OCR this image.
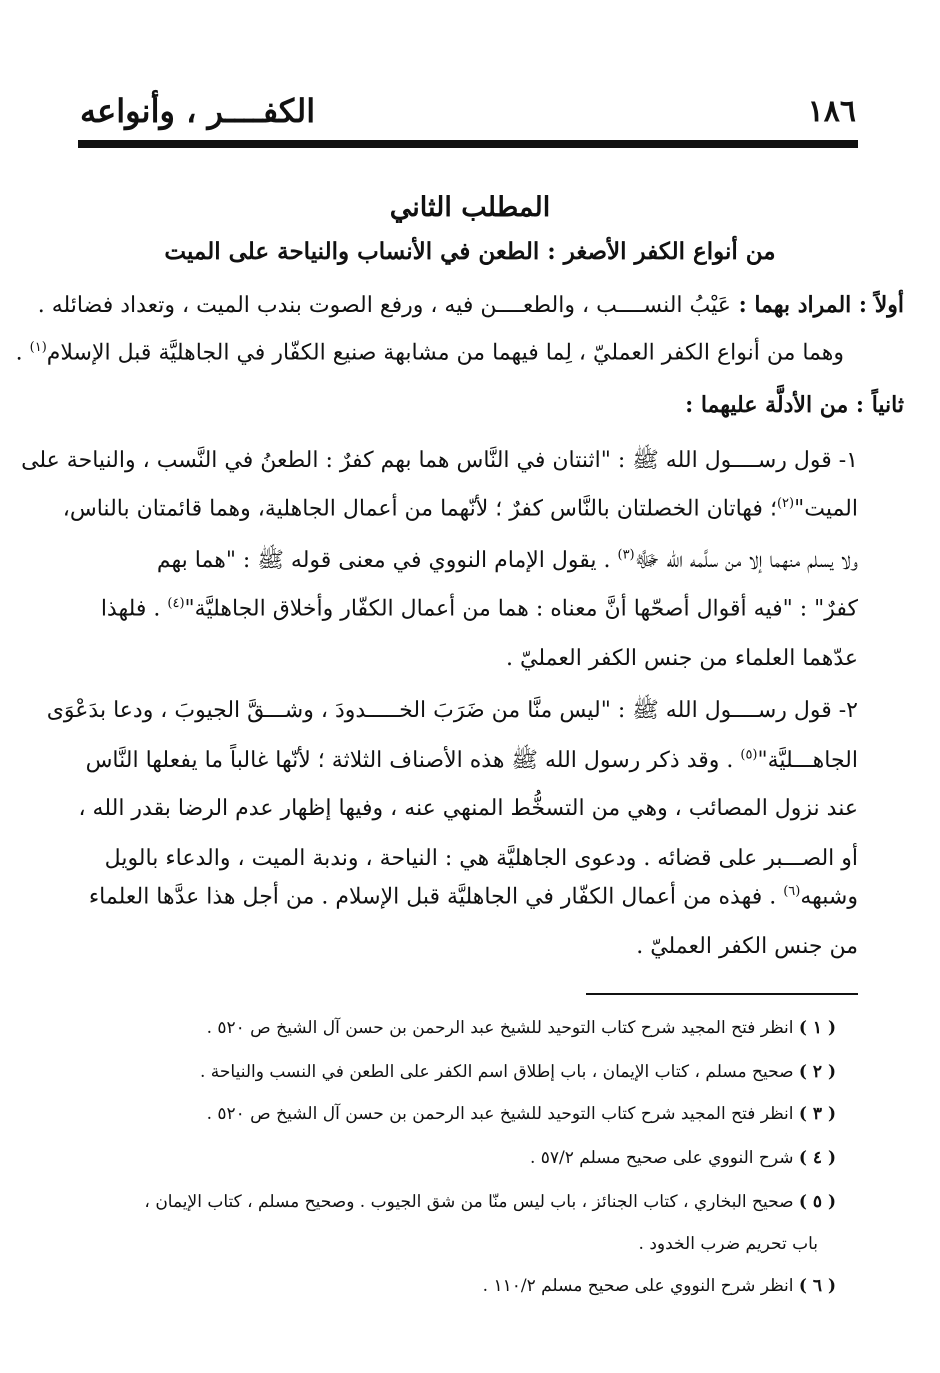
١٨٦
الكفــــر ، وأنواعه
المطلب الثاني
من أنواع الكفر الأصغر : الطعن في الأنساب والنياحة على الميت
أولاً : المراد بهما : عَيْبُ النســــب ، والطعــــن فيه ، ورفع الصوت بندب الميت ، وتعداد فضائله .
وهما من أنواع الكفر العمليّ ، لِما فيهما من مشابهة صنيع الكفّار في الجاهليَّة قبل الإسلام$^{(١)}$ .
ثانياً : من الأدلَّة عليهما :
١- قول رســــول الله ﷺ : "اثنتان في النَّاس هما بهم كفرٌ : الطعنُ في النَّسب ، والنياحة على
الميت"$^{(٢)}$؛ فهاتان الخصلتان بالنَّاس كفرٌ ؛ لأنّهما من أعمال الجاهلية، وهما قائمتان بالناس،
ولا يسلم منهما إلا من سلَّمه الله ﷻ$^{(٣)}$ . يقول الإمام النووي في معنى قوله ﷺ : "هما بهم
كفرٌ" : "فيه أقوال أصحّها أنَّ معناه : هما من أعمال الكفّار وأخلاق الجاهليَّة"$^{(٤)}$ . فلهذا
عدّهما العلماء من جنس الكفر العمليّ .
٢- قول رســــول الله ﷺ : "ليس منَّا من ضَرَبَ الخـــــدودَ ، وشـــقَّ الجيوبَ ، ودعا بدَعْوَى
الجاهـــليَّة"$^{(٥)}$ . وقد ذكر رسول الله ﷺ هذه الأصناف الثلاثة ؛ لأنّها غالباً ما يفعلها النَّاس
عند نزول المصائب ، وهي من التسخُّط المنهي عنه ، وفيها إظهار عدم الرضا بقدر الله ،
أو الصـــبر على قضائه . ودعوى الجاهليَّة هي : النياحة ، وندبة الميت ، والدعاء بالويل
وشبهه$^{(٦)}$ . فهذه من أعمال الكفّار في الجاهليَّة قبل الإسلام . من أجل هذا عدَّها العلماء
من جنس الكفر العمليّ .
( ١ ) انظر فتح المجيد شرح كتاب التوحيد للشيخ عبد الرحمن بن حسن آل الشيخ ص ٥٢٠ .
( ٢ ) صحيح مسلم ، كتاب الإيمان ، باب إطلاق اسم الكفر على الطعن في النسب والنياحة .
( ٣ ) انظر فتح المجيد شرح كتاب التوحيد للشيخ عبد الرحمن بن حسن آل الشيخ ص ٥٢٠ .
( ٤ ) شرح النووي على صحيح مسلم ٥٧/٢ .
( ٥ ) صحيح البخاري ، كتاب الجنائز ، باب ليس منّا من شق الجيوب . وصحيح مسلم ، كتاب الإيمان ،
باب تحريم ضرب الخدود .
( ٦ ) انظر شرح النووي على صحيح مسلم ١١٠/٢ .
